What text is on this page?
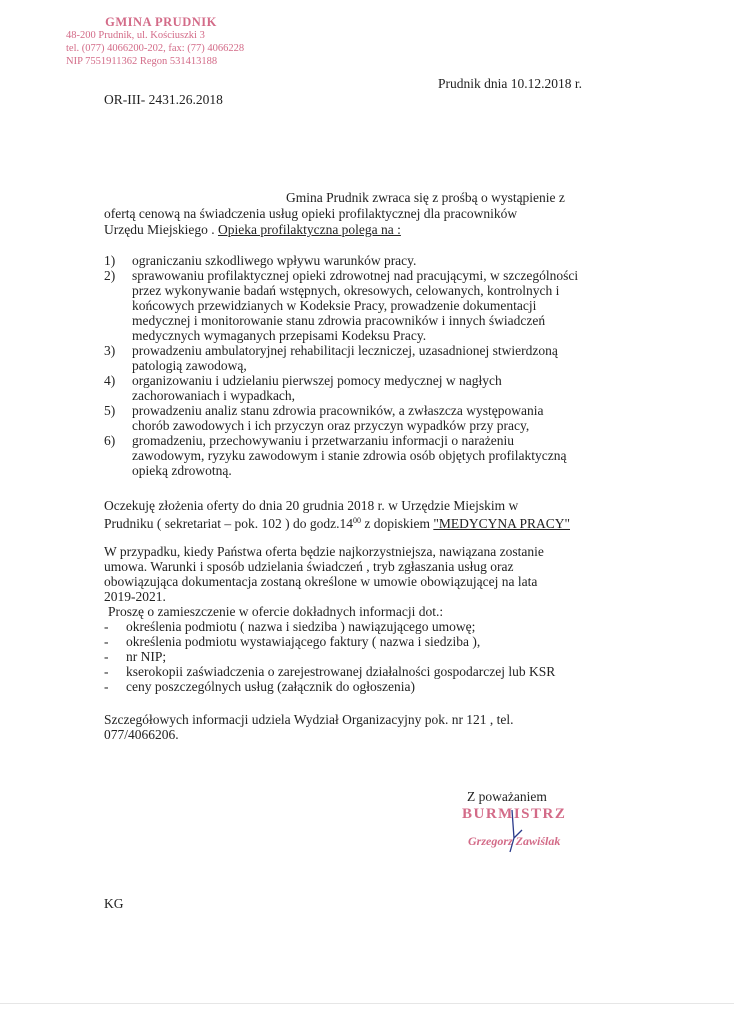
GMINA PRUDNIK
48-200 Prudnik, ul. Kościuszki 3
tel. (077) 4066200-202, fax: (77) 4066228
NIP 7551911362 Regon 531413188
Prudnik dnia 10.12.2018 r.
OR-III- 2431.26.2018

Gmina Prudnik zwraca się z prośbą o wystąpienie z

ofertą cenową na świadczenia usług opieki profilaktycznej dla pracowników

Urzędu Miejskiego . Opieka profilaktyczna polega na :

1) ograniczaniu szkodliwego wpływu warunków pracy.
2) sprawowaniu profilaktycznej opieki zdrowotnej nad pracującymi, w szczególności
przez wykonywanie badań wstępnych, okresowych, celowanych, kontrolnych i
końcowych przewidzianych w Kodeksie Pracy, prowadzenie dokumentacji
medycznej i monitorowanie stanu zdrowia pracowników i innych świadczeń
medycznych wymaganych przepisami Kodeksu Pracy.
3) prowadzeniu ambulatoryjnej rehabilitacji leczniczej, uzasadnionej stwierdzoną
patologią zawodową,
4) organizowaniu i udzielaniu pierwszej pomocy medycznej w nagłych
zachorowaniach i wypadkach,
5) prowadzeniu analiz stanu zdrowia pracowników, a zwłaszcza występowania
chorób zawodowych i ich przyczyn oraz przyczyn wypadków przy pracy,
6) gromadzeniu, przechowywaniu i przetwarzaniu informacji o narażeniu
zawodowym, ryzyku zawodowym i stanie zdrowia osób objętych profilaktyczną
opieką zdrowotną.
Oczekuję złożenia oferty do dnia 20 grudnia 2018 r. w Urzędzie Miejskim w
Prudniku ( sekretariat – pok. 102 ) do $godz.14^{00}$ z dopiskiem "MEDYCYNA PRACY"
W przypadku, kiedy Państwa oferta będzie najkorzystniejsza, nawiązana zostanie
umowa. Warunki i sposób udzielania świadczeń , tryb zgłaszania usług oraz
obowiązująca dokumentacja zostaną określone w umowie obowiązującej na lata
2019-2021.
Proszę o zamieszczenie w ofercie dokładnych informacji dot.:
- określenia podmiotu ( nazwa i siedziba ) nawiązującego umowę;
- określenia podmiotu wystawiającego faktury ( nazwa i siedziba ),
- nr NIP;
- kserokopii zaświadczenia o zarejestrowanej działalności gospodarczej lub KSR
- ceny poszczególnych usług (załącznik do ogłoszenia)
Szczegółowych informacji udziela Wydział Organizacyjny pok. nr 121 , tel.
077/4066206.
Z poważaniem
BURMISTRZ
Grzegorz Zawiślak
KG
